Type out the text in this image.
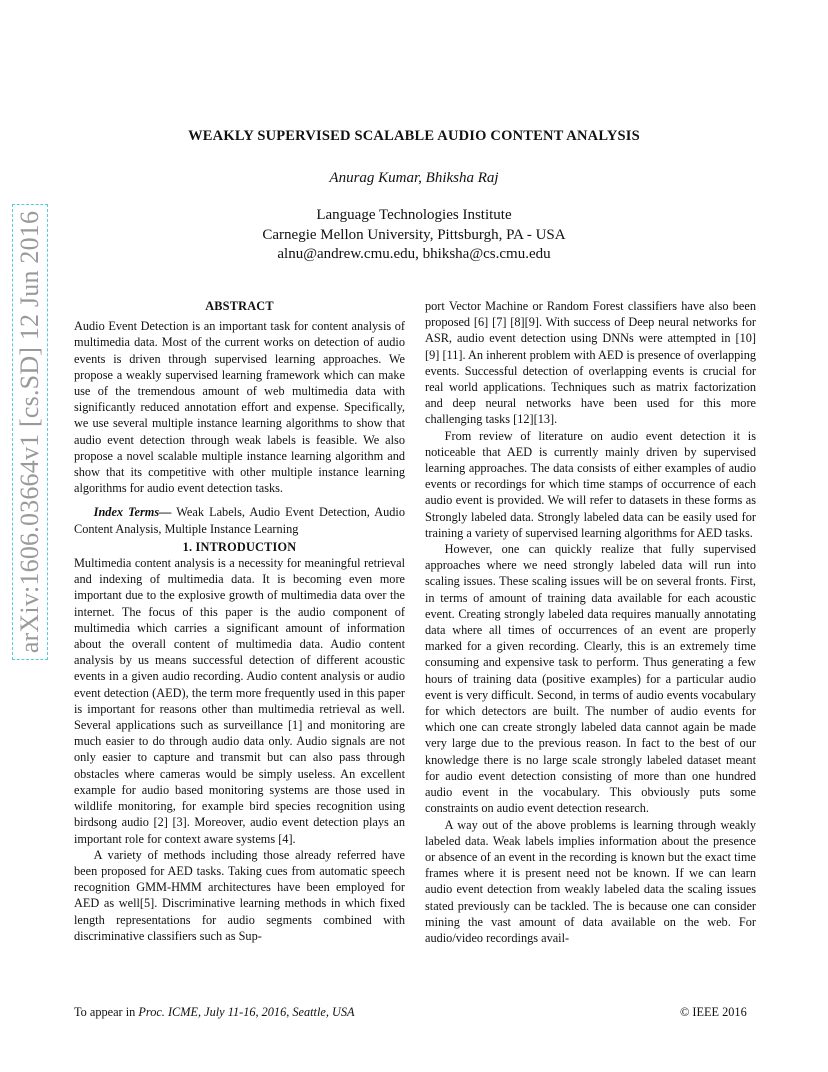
arXiv:1606.03664v1 [cs.SD] 12 Jun 2016
WEAKLY SUPERVISED SCALABLE AUDIO CONTENT ANALYSIS
Anurag Kumar, Bhiksha Raj
Language Technologies Institute
Carnegie Mellon University, Pittsburgh, PA - USA
alnu@andrew.cmu.edu, bhiksha@cs.cmu.edu
ABSTRACT

Audio Event Detection is an important task for content analysis of multimedia data. Most of the current works on detection of audio events is driven through supervised learning approaches. We propose a weakly supervised learning framework which can make use of the tremendous amount of web multimedia data with significantly reduced annotation effort and expense. Specifically, we use several multiple instance learning algorithms to show that audio event detection through weak labels is feasible. We also propose a novel scalable multiple instance learning algorithm and show that its competitive with other multiple instance learning algorithms for audio event detection tasks.

Index Terms— Weak Labels, Audio Event Detection, Audio Content Analysis, Multiple Instance Learning

1. INTRODUCTION

Multimedia content analysis is a necessity for meaningful retrieval and indexing of multimedia data. It is becoming even more important due to the explosive growth of multimedia data over the internet. The focus of this paper is the audio component of multimedia which carries a significant amount of information about the overall content of multimedia data. Audio content analysis by us means successful detection of different acoustic events in a given audio recording. Audio content analysis or audio event detection (AED), the term more frequently used in this paper is important for reasons other than multimedia retrieval as well. Several applications such as surveillance [1] and monitoring are much easier to do through audio data only. Audio signals are not only easier to capture and transmit but can also pass through obstacles where cameras would be simply useless. An excellent example for audio based monitoring systems are those used in wildlife monitoring, for example bird species recognition using birdsong audio [2] [3]. Moreover, audio event detection plays an important role for context aware systems [4].

A variety of methods including those already referred have been proposed for AED tasks. Taking cues from automatic speech recognition GMM-HMM architectures have been employed for AED as well[5]. Discriminative learning methods in which fixed length representations for audio segments combined with discriminative classifiers such as Sup-

port Vector Machine or Random Forest classifiers have also been proposed [6] [7] [8][9]. With success of Deep neural networks for ASR, audio event detection using DNNs were attempted in [10] [9] [11]. An inherent problem with AED is presence of overlapping events. Successful detection of overlapping events is crucial for real world applications. Techniques such as matrix factorization and deep neural networks have been used for this more challenging tasks [12][13].

From review of literature on audio event detection it is noticeable that AED is currently mainly driven by supervised learning approaches. The data consists of either examples of audio events or recordings for which time stamps of occurrence of each audio event is provided. We will refer to datasets in these forms as Strongly labeled data. Strongly labeled data can be easily used for training a variety of supervised learning algorithms for AED tasks.

However, one can quickly realize that fully supervised approaches where we need strongly labeled data will run into scaling issues. These scaling issues will be on several fronts. First, in terms of amount of training data available for each acoustic event. Creating strongly labeled data requires manually annotating data where all times of occurrences of an event are properly marked for a given recording. Clearly, this is an extremely time consuming and expensive task to perform. Thus generating a few hours of training data (positive examples) for a particular audio event is very difficult. Second, in terms of audio events vocabulary for which detectors are built. The number of audio events for which one can create strongly labeled data cannot again be made very large due to the previous reason. In fact to the best of our knowledge there is no large scale strongly labeled dataset meant for audio event detection consisting of more than one hundred audio event in the vocabulary. This obviously puts some constraints on audio event detection research.

A way out of the above problems is learning through weakly labeled data. Weak labels implies information about the presence or absence of an event in the recording is known but the exact time frames where it is present need not be known. If we can learn audio event detection from weakly labeled data the scaling issues stated previously can be tackled. The is because one can consider mining the vast amount of data available on the web. For audio/video recordings avail-

To appear in Proc. ICME, July 11-16, 2016, Seattle, USA	© IEEE 2016
